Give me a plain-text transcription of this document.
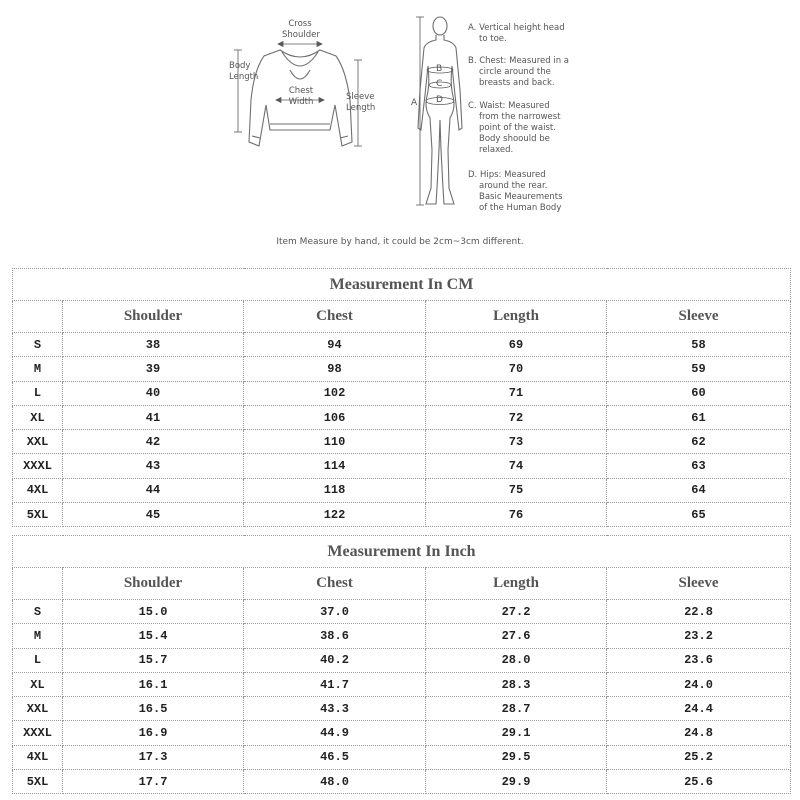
Cross
Shoulder
Body
Length
Chest
Width	Sleeve
Length	A
B
C
D
A. Vertical height head
to toe.
B. Chest: Measured in a
circle around the
breasts and back.
C. Waist: Measured
from the narrowest
point of the waist.
Body shoould be
relaxed.
D. Hips: Measured
around the rear.
Basic Meaurements
of the Human Body
Item Measure by hand, it could be 2cm~3cm different.
Measurement In CM				
	Shoulder	Chest	Length	Sleeve
S	38	94	69	58
M	39	98	70	59
L	40	102	71	60
XL	41	106	72	61
XXL	42	110	73	62
XXXL	43	114	74	63
4XL	44	118	75	64
5XL	45	122	76	65
Measurement In Inch				
	Shoulder	Chest	Length	Sleeve
S	15.0	37.0	27.2	22.8
M	15.4	38.6	27.6	23.2
L	15.7	40.2	28.0	23.6
XL	16.1	41.7	28.3	24.0
XXL	16.5	43.3	28.7	24.4
XXXL	16.9	44.9	29.1	24.8
4XL	17.3	46.5	29.5	25.2
5XL	17.7	48.0	29.9	25.6
